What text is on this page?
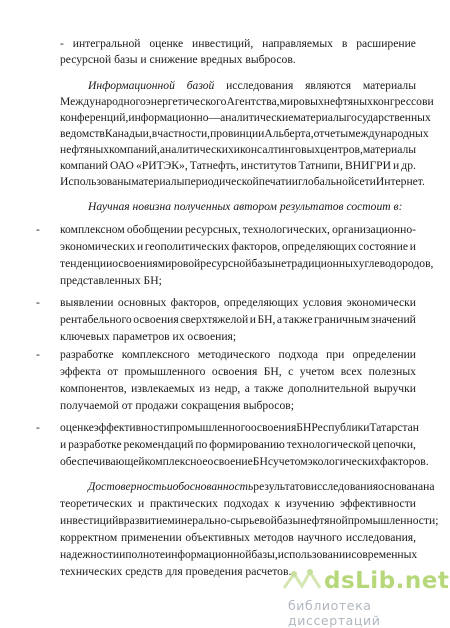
- интегральной оценке инвестиций, направляемых в расширение
ресурсной базы и снижение вредных выбросов.
Информационной базой исследования являются материалы
Международного энергетического Агентства, мировых нефтяных конгрессов и
конференций, информационно—аналитические материалы государственных
ведомств Канады и, в частности, провинции Альберта, отчеты международных
нефтяных компаний, аналитических и консалтинговых центров, материалы
компаний ОАО «РИТЭК», Татнефть, институтов Татнипи, ВНИГРИ и др.
Использованы материалы периодической печати и глобальной сети Интернет.
Научная новизна полученных автором результатов состоит в:
комплексном обобщении ресурсных, технологических, организационно-
-
экономических и геополитических факторов, определяющих состояние и
тенденции освоения мировой ресурсной базы нетрадиционных углеводородов,
представленных БН;
выявлении основных факторов, определяющих условия экономически
-
рентабельного освоения сверхтяжелой и БН, а также граничным значений
ключевых параметров их освоения;
разработке комплексного методического подхода при определении
-
эффекта от промышленного освоения БН, с учетом всех полезных
компонентов, извлекаемых из недр, а также дополнительной выручки
получаемой от продажи сокращения выбросов;
оценке эффективности промышленного освоения БН Республики Татарстан
-
и разработке рекомендаций по формированию технологической цепочки,
обеспечивающей комплексное освоение БН с учетом экологических факторов.
Достоверность и обоснованность результатов исследования основана на
теоретических и практических подходах к изучению эффективности
инвестиций в развитие минерально-сырьевой базы нефтяной промышленности;
корректном применении объективных методов научного исследования,
надежности и полноте информационной базы, использовании современных
технических средств для проведения расчетов. dsLib.net
библиотека диссертаций
